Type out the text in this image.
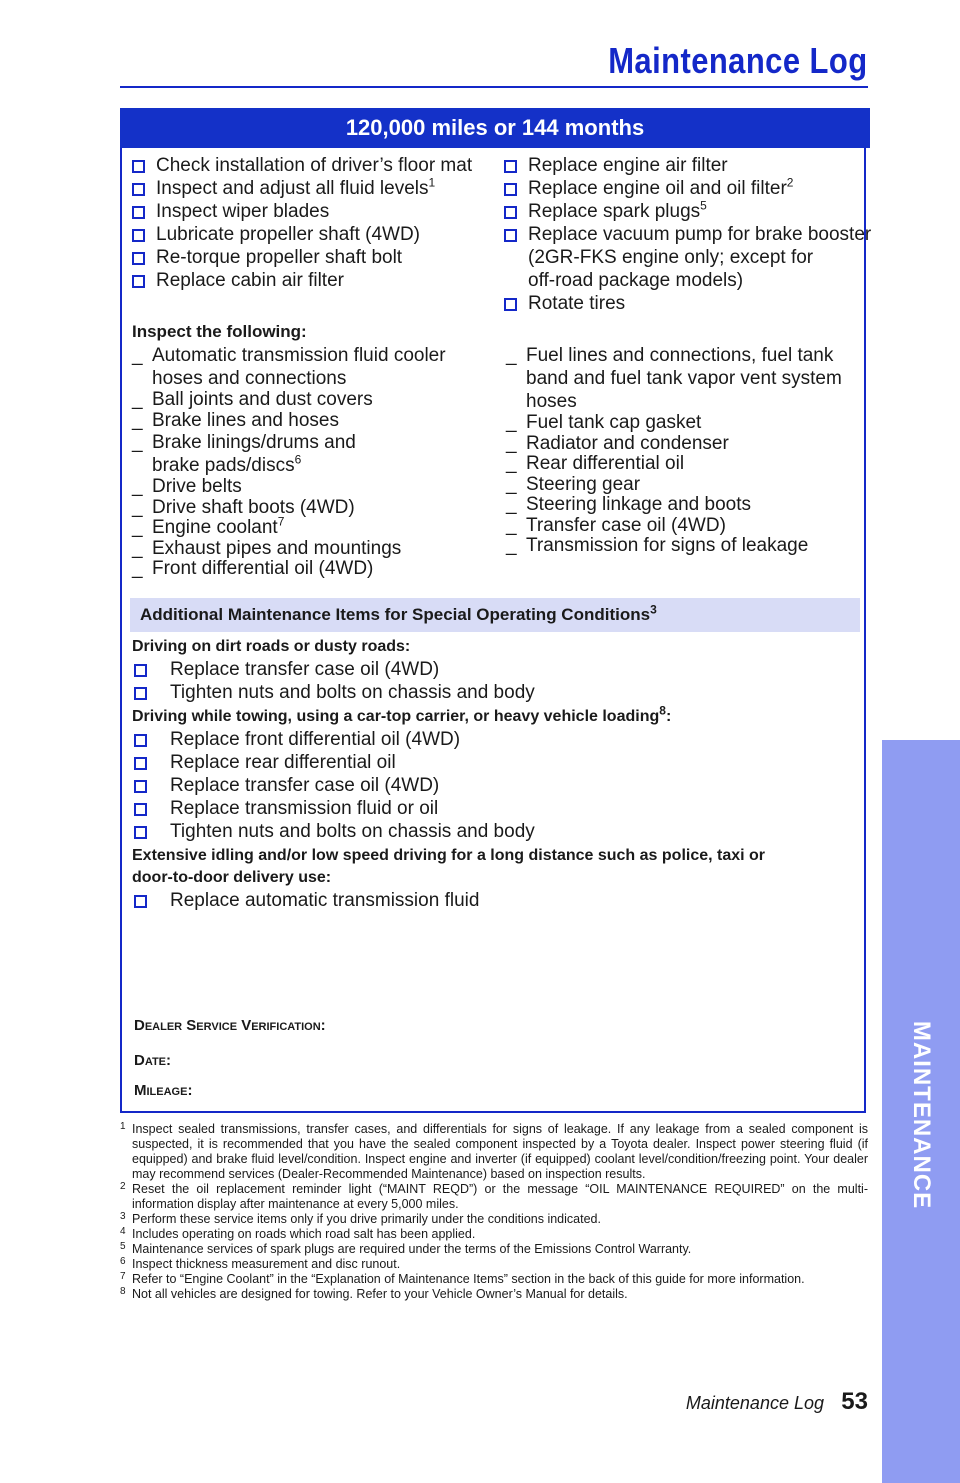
Maintenance Log
MAINTENANCE
120,000 miles or 144 months
Check installation of driver’s floor mat
Inspect and adjust all fluid levels$^1$
Inspect wiper blades
Lubricate propeller shaft (4WD)
Re-torque propeller shaft bolt
Replace cabin air filter
Replace engine air filter
Replace engine oil and oil filter$^2$
Replace spark plugs$^5$
Replace vacuum pump for brake booster
(2GR-FKS engine only; except for
off-road package models)
Rotate tires
Inspect the following:
_ Automatic transmission fluid cooler
hoses and connections
_ Ball joints and dust covers
_ Brake lines and hoses
_ Brake linings/drums and
brake pads/discs$^6$
_ Drive belts
_ Drive shaft boots (4WD)
_ Engine coolant$^7$
_ Exhaust pipes and mountings
_ Front differential oil (4WD)
_ Fuel lines and connections, fuel tank
band and fuel tank vapor vent system
hoses
_ Fuel tank cap gasket
_ Radiator and condenser
_ Rear differential oil
_ Steering gear
_ Steering linkage and boots
_ Transfer case oil (4WD)
_ Transmission for signs of leakage
Additional Maintenance Items for Special Operating Conditions$^3$
Driving on dirt roads or dusty roads:
Replace transfer case oil (4WD)
Tighten nuts and bolts on chassis and body
Driving while towing, using a car-top carrier, or heavy vehicle loading$^8$:
Replace front differential oil (4WD)
Replace rear differential oil
Replace transfer case oil (4WD)
Replace transmission fluid or oil
Tighten nuts and bolts on chassis and body
Extensive idling and/or low speed driving for a long distance such as police, taxi or
door-to-door delivery use:
Replace automatic transmission fluid
Dealer Service Verification:
Date:
Mileage:
1 Inspect sealed transmissions, transfer cases, and differentials for signs of leakage. If any leakage from a sealed component is suspected, it is recommended that you have the sealed component inspected by a Toyota dealer. Inspect power steering fluid (if equipped) and brake fluid level/condition. Inspect engine and inverter (if equipped) coolant level/condition/freezing point. Your dealer may recommend services (Dealer-Recommended Maintenance) based on inspection results.
2 Reset the oil replacement reminder light (“MAINT REQD”) or the message “OIL MAINTENANCE REQUIRED” on the multi-information display after maintenance at every 5,000 miles.
3 Perform these service items only if you drive primarily under the conditions indicated.
4 Includes operating on roads which road salt has been applied.
5 Maintenance services of spark plugs are required under the terms of the Emissions Control Warranty.
6 Inspect thickness measurement and disc runout.
7 Refer to “Engine Coolant” in the “Explanation of Maintenance Items” section in the back of this guide for more information.
8 Not all vehicles are designed for towing. Refer to your Vehicle Owner’s Manual for details.
Maintenance Log 53
